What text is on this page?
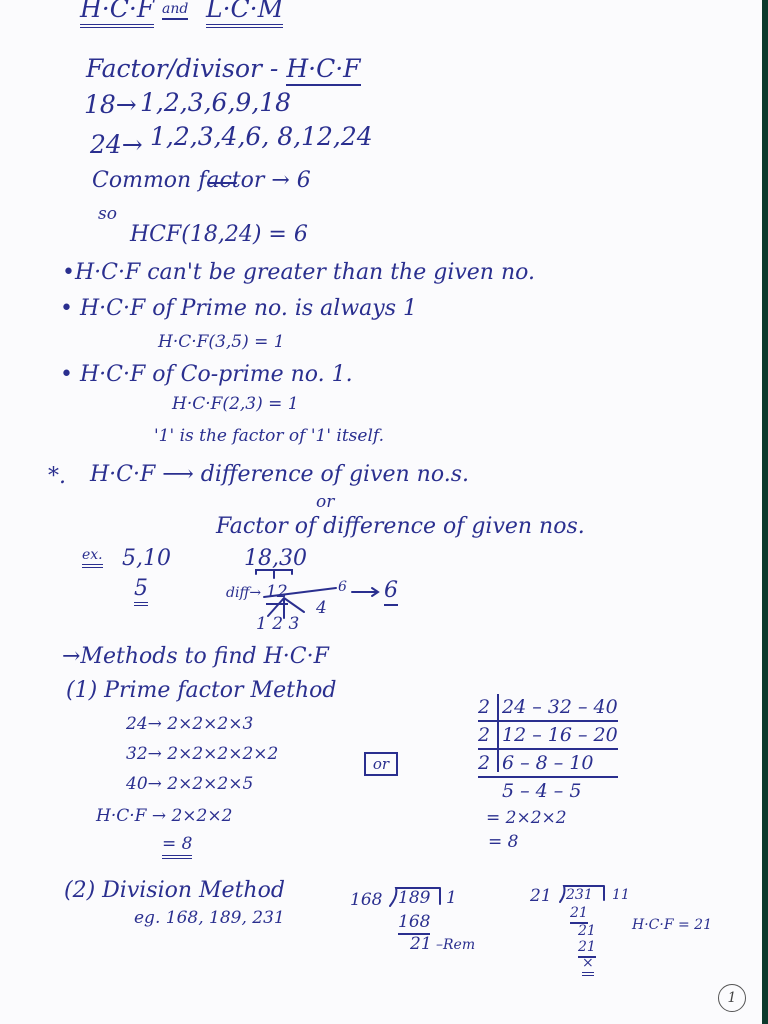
H·C·F and L·C·M
Factor/divisor - H·C·F
18→ 1,2,3,6,9,18
24→ 1,2,3,4,6, 8,12,24
Common factor → 6
so
HCF(18,24) = 6
•H·C·F can't be greater than the given no.
• H·C·F of Prime no. is always 1
H·C·F(3,5) = 1
• H·C·F of Co-prime no. 1.
H·C·F(2,3) = 1
'1' is the factor of '1' itself.
*. H·C·F ⟶ difference of given no.s.
or
Factor of difference of given nos.
ex. 5,10
5
18,30
diff→ 12	6 6
4
1 2 3
→Methods to find H·C·F
(1) Prime factor Method
24→ 2×2×2×3
32→ 2×2×2×2×2
40→ 2×2×2×5
H·C·F → 2×2×2
= 8
or
2 24 – 32 – 40
2 12 – 16 – 20
2 6 – 8 – 10
5 – 4 – 5
= 2×2×2
= 8
(2) Division Method
eg. 168, 189, 231
168 189 1
168
21 –Rem
21 231 11
21
21
21
×
H·C·F = 21
1
